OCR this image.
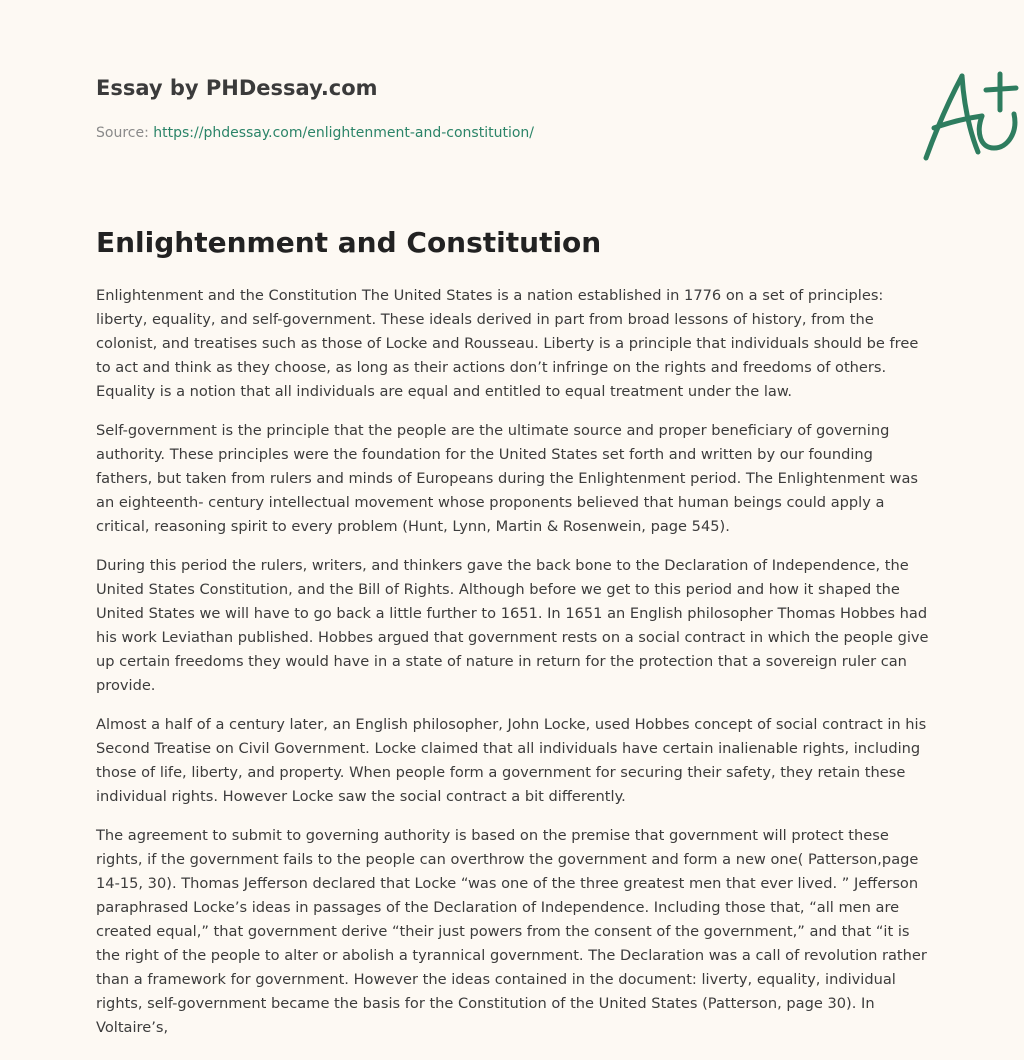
Essay by PHDessay.com
Source: https://phdessay.com/enlightenment-and-constitution/
Enlightenment and Constitution

Enlightenment and the Constitution The United States is a nation established in 1776 on a set of principles: liberty, equality, and self-government. These ideals derived in part from broad lessons of history, from the colonist, and treatises such as those of Locke and Rousseau. Liberty is a principle that individuals should be free to act and think as they choose, as long as their actions don’t infringe on the rights and freedoms of others. Equality is a notion that all individuals are equal and entitled to equal treatment under the law.

Self-government is the principle that the people are the ultimate source and proper beneficiary of governing authority. These principles were the foundation for the United States set forth and written by our founding fathers, but taken from rulers and minds of Europeans during the Enlightenment period. The Enlightenment was an eighteenth- century intellectual movement whose proponents believed that human beings could apply a critical, reasoning spirit to every problem (Hunt, Lynn, Martin & Rosenwein, page 545).

During this period the rulers, writers, and thinkers gave the back bone to the Declaration of Independence, the United States Constitution, and the Bill of Rights. Although before we get to this period and how it shaped the United States we will have to go back a little further to 1651. In 1651 an English philosopher Thomas Hobbes had his work Leviathan published. Hobbes argued that government rests on a social contract in which the people give up certain freedoms they would have in a state of nature in return for the protection that a sovereign ruler can provide.

Almost a half of a century later, an English philosopher, John Locke, used Hobbes concept of social contract in his Second Treatise on Civil Government. Locke claimed that all individuals have certain inalienable rights, including those of life, liberty, and property. When people form a government for securing their safety, they retain these individual rights. However Locke saw the social contract a bit differently.

The agreement to submit to governing authority is based on the premise that government will protect these rights, if the government fails to the people can overthrow the government and form a new one( Patterson,page 14-15, 30). Thomas Jefferson declared that Locke “was one of the three greatest men that ever lived. ” Jefferson paraphrased Locke’s ideas in passages of the Declaration of Independence. Including those that, “all men are created equal,” that government derive “their just powers from the consent of the government,” and that “it is the right of the people to alter or abolish a tyrannical government. The Declaration was a call of revolution rather than a framework for government. However the ideas contained in the document: liverty, equality, individual rights, self-government became the basis for the Constitution of the United States (Patterson, page 30). In Voltaire’s,
